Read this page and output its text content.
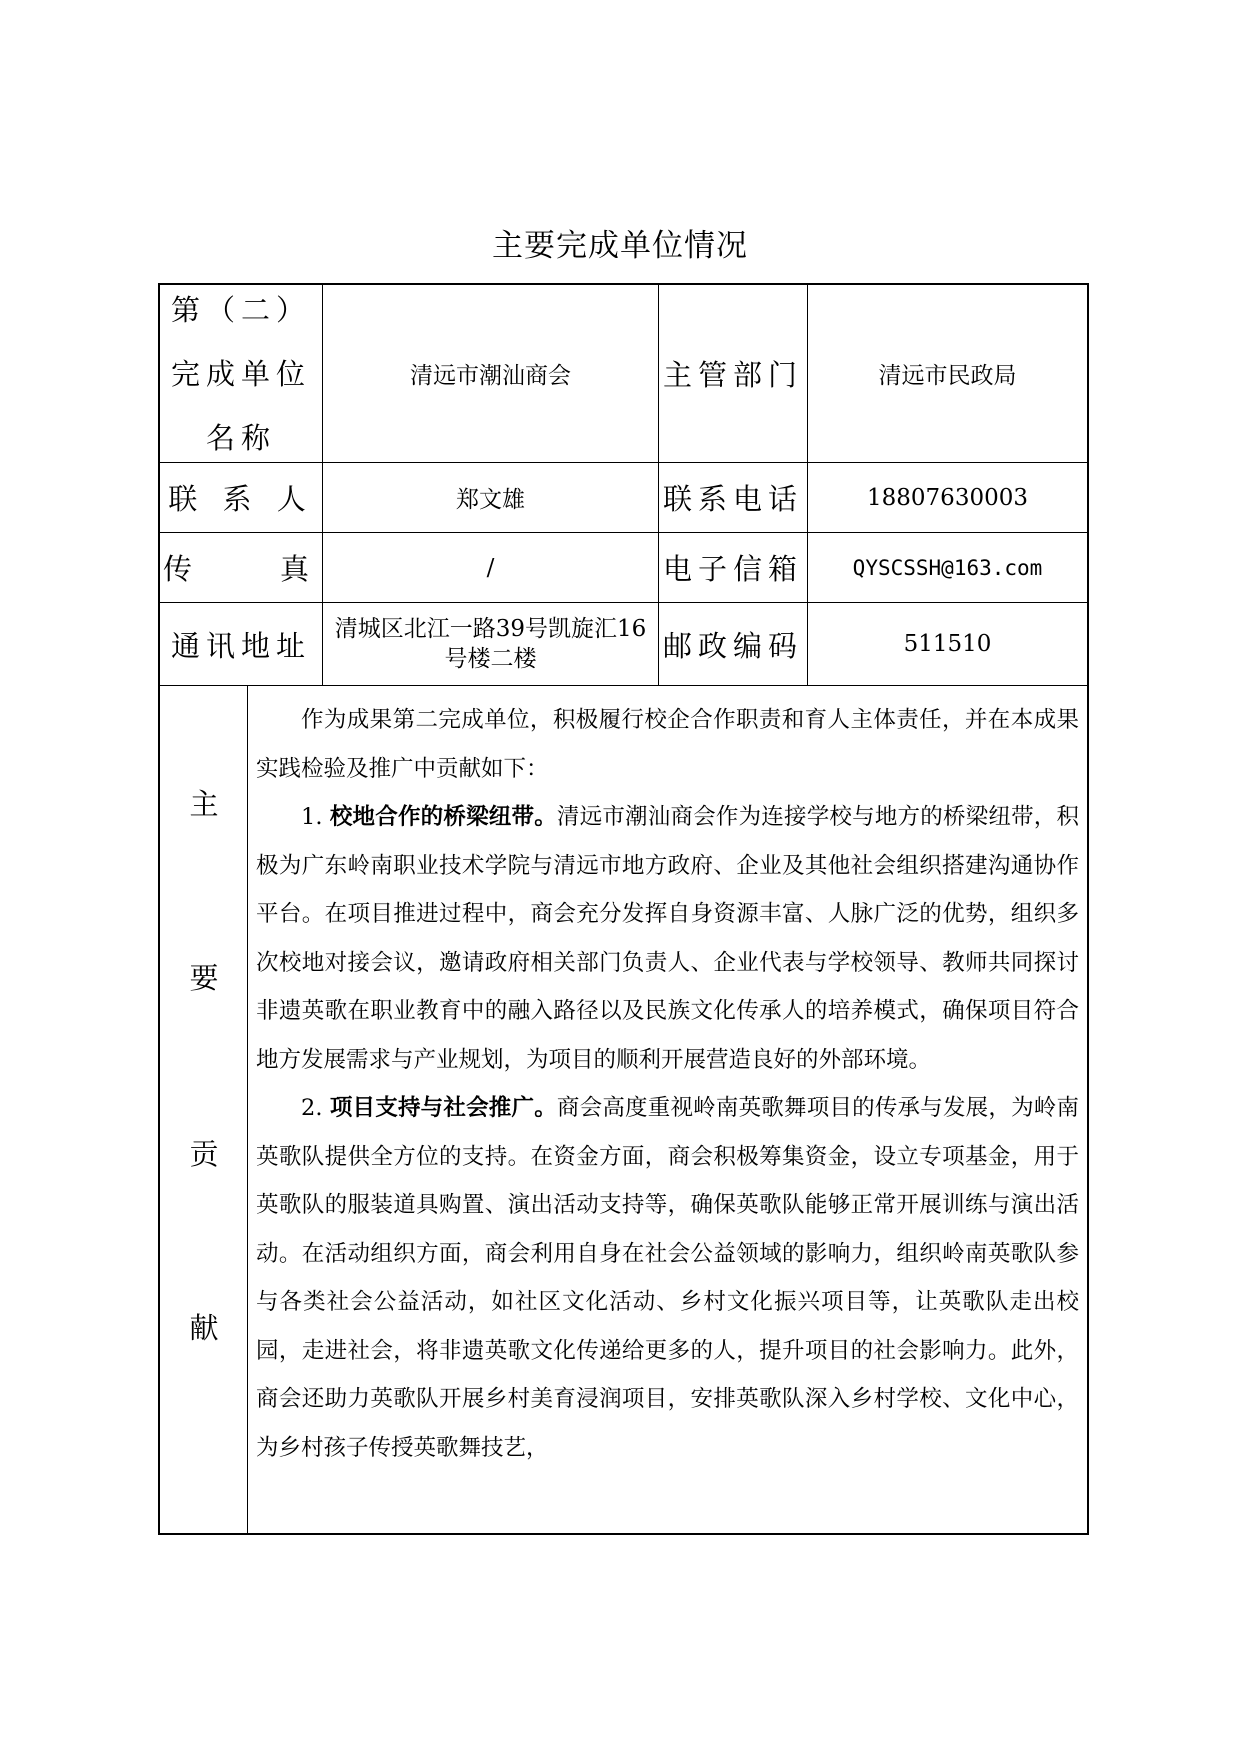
主要完成单位情况
第（二）
完成单位
名称
清远市潮汕商会	主管部门	清远市民政局
联 系 人	郑文雄	联系电话	18807630003
传　　真	/	电子信箱	QYSCSSH@163.com
通讯地址	清城区北江一路39号凯旋汇16号楼二楼	邮政编码	511510
主
要
贡
献

作为成果第二完成单位，积极履行校企合作职责和育人主体责任，并在本成果实践检验及推广中贡献如下：

1. 校地合作的桥梁纽带。清远市潮汕商会作为连接学校与地方的桥梁纽带，积极为广东岭南职业技术学院与清远市地方政府、企业及其他社会组织搭建沟通协作平台。在项目推进过程中，商会充分发挥自身资源丰富、人脉广泛的优势，组织多次校地对接会议，邀请政府相关部门负责人、企业代表与学校领导、教师共同探讨非遗英歌在职业教育中的融入路径以及民族文化传承人的培养模式，确保项目符合地方发展需求与产业规划，为项目的顺利开展营造良好的外部环境。

2. 项目支持与社会推广。商会高度重视岭南英歌舞项目的传承与发展，为岭南英歌队提供全方位的支持。在资金方面，商会积极筹集资金，设立专项基金，用于英歌队的服装道具购置、演出活动支持等，确保英歌队能够正常开展训练与演出活动。在活动组织方面，商会利用自身在社会公益领域的影响力，组织岭南英歌队参与各类社会公益活动，如社区文化活动、乡村文化振兴项目等，让英歌队走出校园，走进社会，将非遗英歌文化传递给更多的人，提升项目的社会影响力。此外，商会还助力英歌队开展乡村美育浸润项目，安排英歌队深入乡村学校、文化中心，为乡村孩子传授英歌舞技艺，
